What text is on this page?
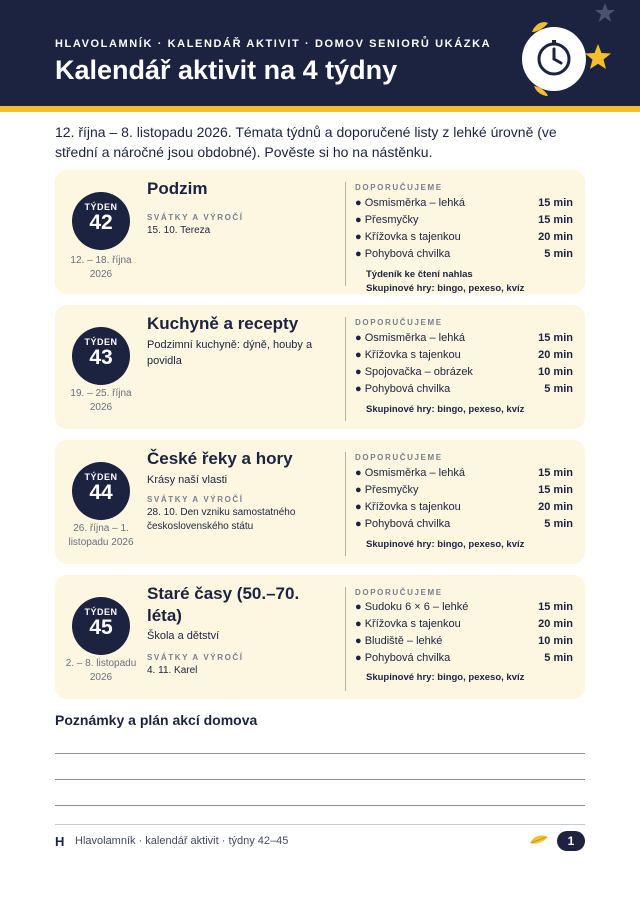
HLAVOLAMNÍK · KALENDÁŘ AKTIVIT · DOMOV SENIORŮ UKÁZKA
Kalendář aktivit na 4 týdny

12. října – 8. listopadu 2026. Témata týdnů a doporučené listy z lehké úrovně (ve střední a náročné jsou obdobné). Pověste si ho na nástěnku.

TÝDEN
42
12. – 18. října 2026
Podzim
SVÁTKY A VÝROČÍ
15. 10. Tereza
DOPORUČUJEME
● Osmisměrka – lehká	15 min
● Přesmyčky	15 min
● Křížovka s tajenkou	20 min
● Pohybová chvilka	5 min
Týdeník ke čtení nahlas
Skupinové hry: bingo, pexeso, kvíz
TÝDEN
43
19. – 25. října 2026
Kuchyně a recepty
Podzimní kuchyně: dýně, houby a povidla
DOPORUČUJEME
● Osmisměrka – lehká	15 min
● Křížovka s tajenkou	20 min
● Spojovačka – obrázek	10 min
● Pohybová chvilka	5 min
Skupinové hry: bingo, pexeso, kvíz
TÝDEN
44
26. října – 1. listopadu 2026
České řeky a hory
Krásy naší vlasti
SVÁTKY A VÝROČÍ
28. 10. Den vzniku samostatného československého státu
DOPORUČUJEME
● Osmisměrka – lehká	15 min
● Přesmyčky	15 min
● Křížovka s tajenkou	20 min
● Pohybová chvilka	5 min
Skupinové hry: bingo, pexeso, kvíz
TÝDEN
45
2. – 8. listopadu 2026
Staré časy (50.–70. léta)
Škola a dětství
SVÁTKY A VÝROČÍ
4. 11. Karel
DOPORUČUJEME
● Sudoku 6 × 6 – lehké	15 min
● Křížovka s tajenkou	20 min
● Bludiště – lehké	10 min
● Pohybová chvilka	5 min
Skupinové hry: bingo, pexeso, kvíz
Poznámky a plán akcí domova
H Hlavolamník · kalendář aktivit · týdny 42–45	1
